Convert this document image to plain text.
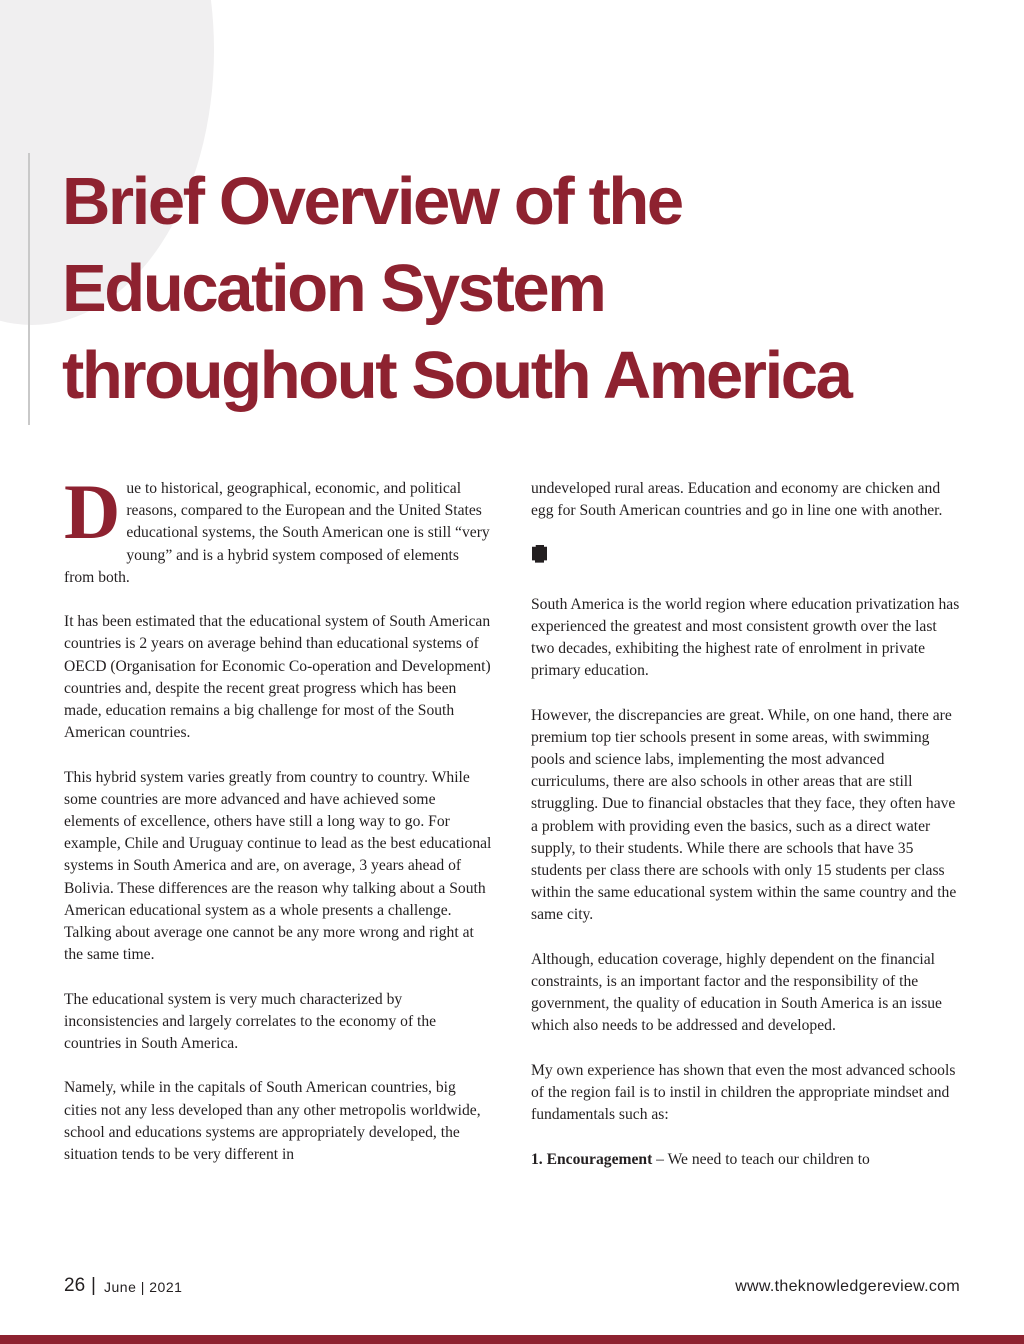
Brief Overview of the
Education System
throughout South America

Due to historical, geographical, economic, and political reasons, compared to the European and the United States educational systems, the South American one is still “very young” and is a hybrid system composed of elements from both.

It has been estimated that the educational system of South American countries is 2 years on average behind than educational systems of OECD (Organisation for Economic Co-operation and Development) countries and, despite the recent great progress which has been made, education remains a big challenge for most of the South American countries.

This hybrid system varies greatly from country to country. While some countries are more advanced and have achieved some elements of excellence, others have still a long way to go. For example, Chile and Uruguay continue to lead as the best educational systems in South America and are, on average, 3 years ahead of Bolivia. These differences are the reason why talking about a South American educational system as a whole presents a challenge. Talking about average one cannot be any more wrong and right at the same time.

The educational system is very much characterized by inconsistencies and largely correlates to the economy of the countries in South America.

Namely, while in the capitals of South American countries, big cities not any less developed than any other metropolis worldwide, school and educations systems are appropriately developed, the situation tends to be very different in

undeveloped rural areas. Education and economy are chicken and egg for South American countries and go in line one with another.

South America is the world region where education privatization has experienced the greatest and most consistent growth over the last two decades, exhibiting the highest rate of enrolment in private primary education.

However, the discrepancies are great. While, on one hand, there are premium top tier schools present in some areas, with swimming pools and science labs, implementing the most advanced curriculums, there are also schools in other areas that are still struggling. Due to financial obstacles that they face, they often have a problem with providing even the basics, such as a direct water supply, to their students. While there are schools that have 35 students per class there are schools with only 15 students per class within the same educational system within the same country and the same city.

Although, education coverage, highly dependent on the financial constraints, is an important factor and the responsibility of the government, the quality of education in South America is an issue which also needs to be addressed and developed.

My own experience has shown that even the most advanced schools of the region fail is to instil in children the appropriate mindset and fundamentals such as:

1. Encouragement – We need to teach our children to

26 | June | 2021	www.theknowledgereview.com
